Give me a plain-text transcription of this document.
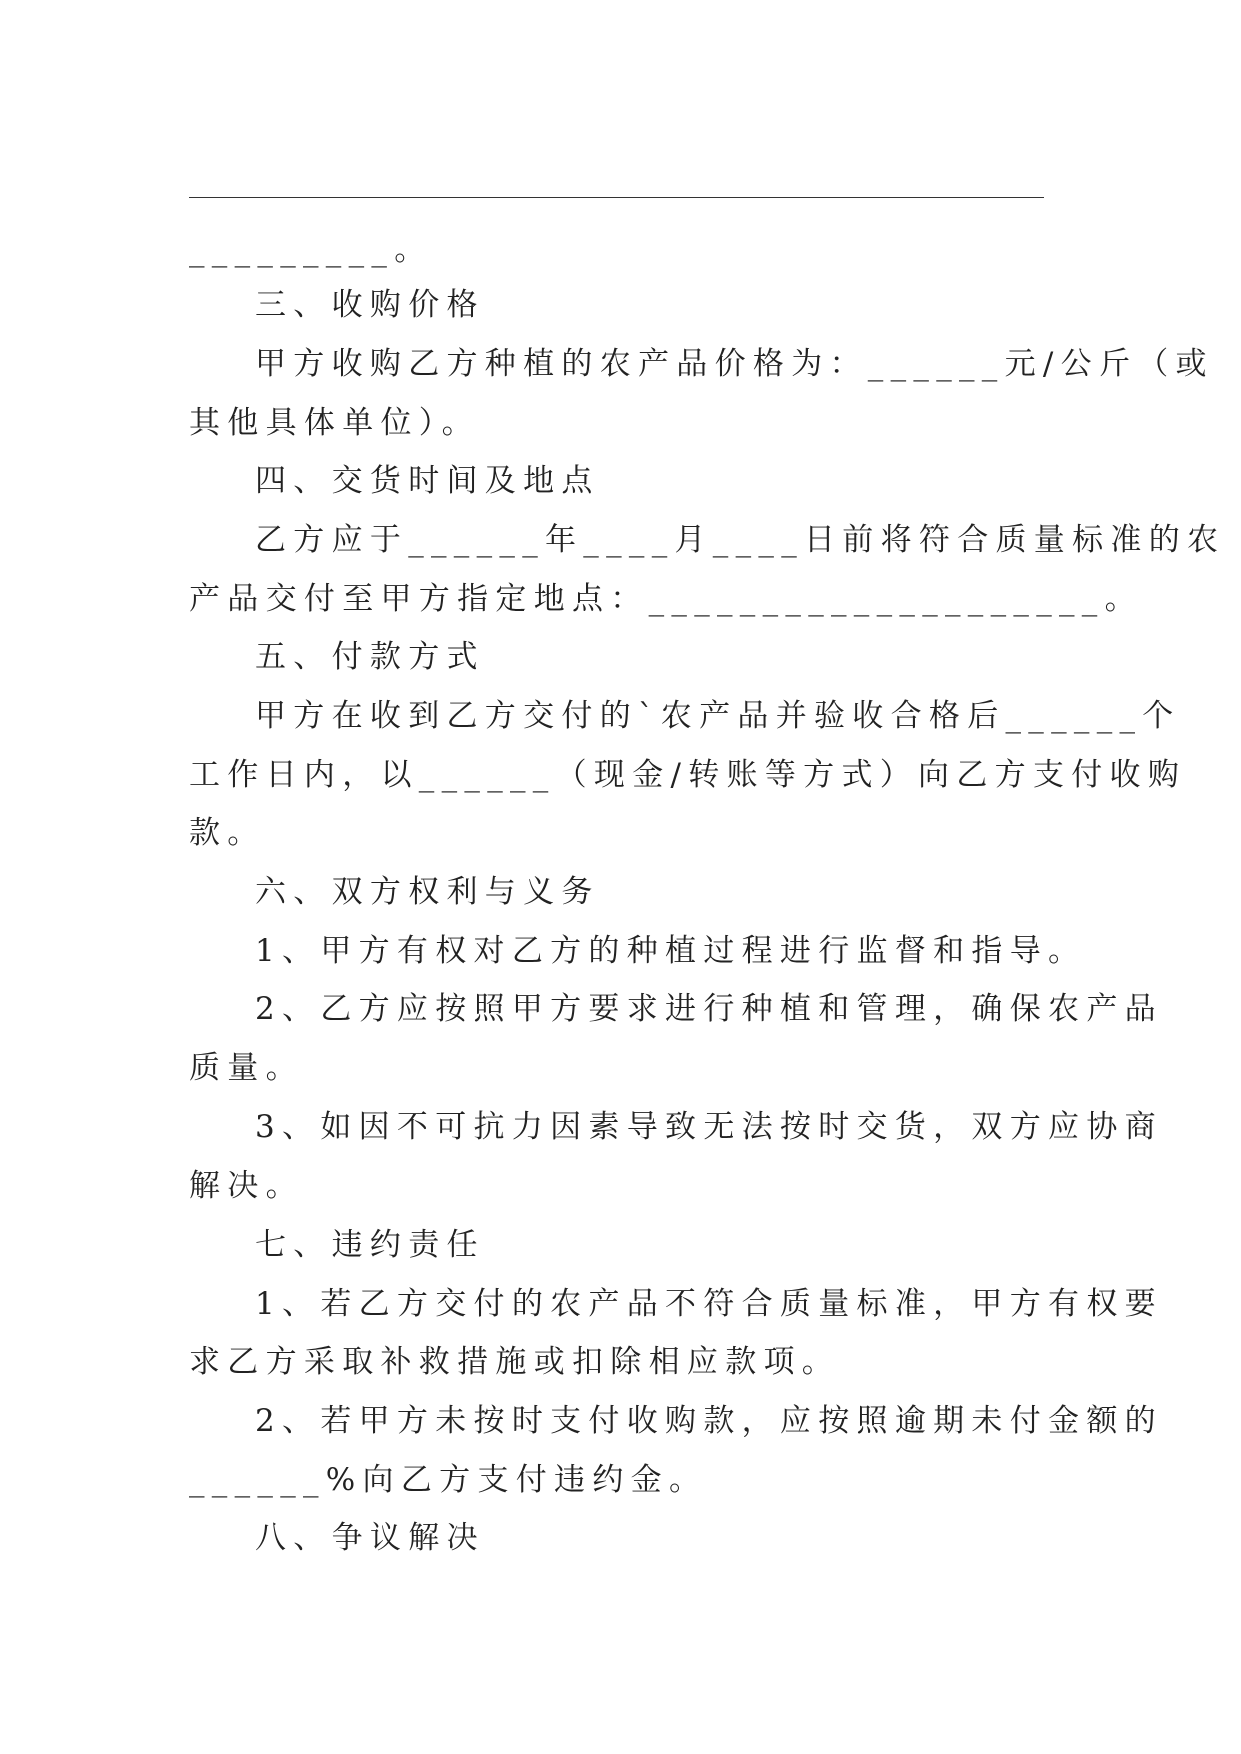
_________。
三、收购价格
甲方收购乙方种植的农产品价格为：______元/公斤（或
其他具体单位）。
四、交货时间及地点
乙方应于______年____月____日前将符合质量标准的农
产品交付至甲方指定地点：____________________。
五、付款方式
甲方在收到乙方交付的`农产品并验收合格后______个
工作日内，以______（现金/转账等方式）向乙方支付收购
款。
六、双方权利与义务
1、甲方有权对乙方的种植过程进行监督和指导。
2、乙方应按照甲方要求进行种植和管理，确保农产品
质量。
3、如因不可抗力因素导致无法按时交货，双方应协商
解决。
七、违约责任
1、若乙方交付的农产品不符合质量标准，甲方有权要
求乙方采取补救措施或扣除相应款项。
2、若甲方未按时支付收购款，应按照逾期未付金额的
______%向乙方支付违约金。
八、争议解决
